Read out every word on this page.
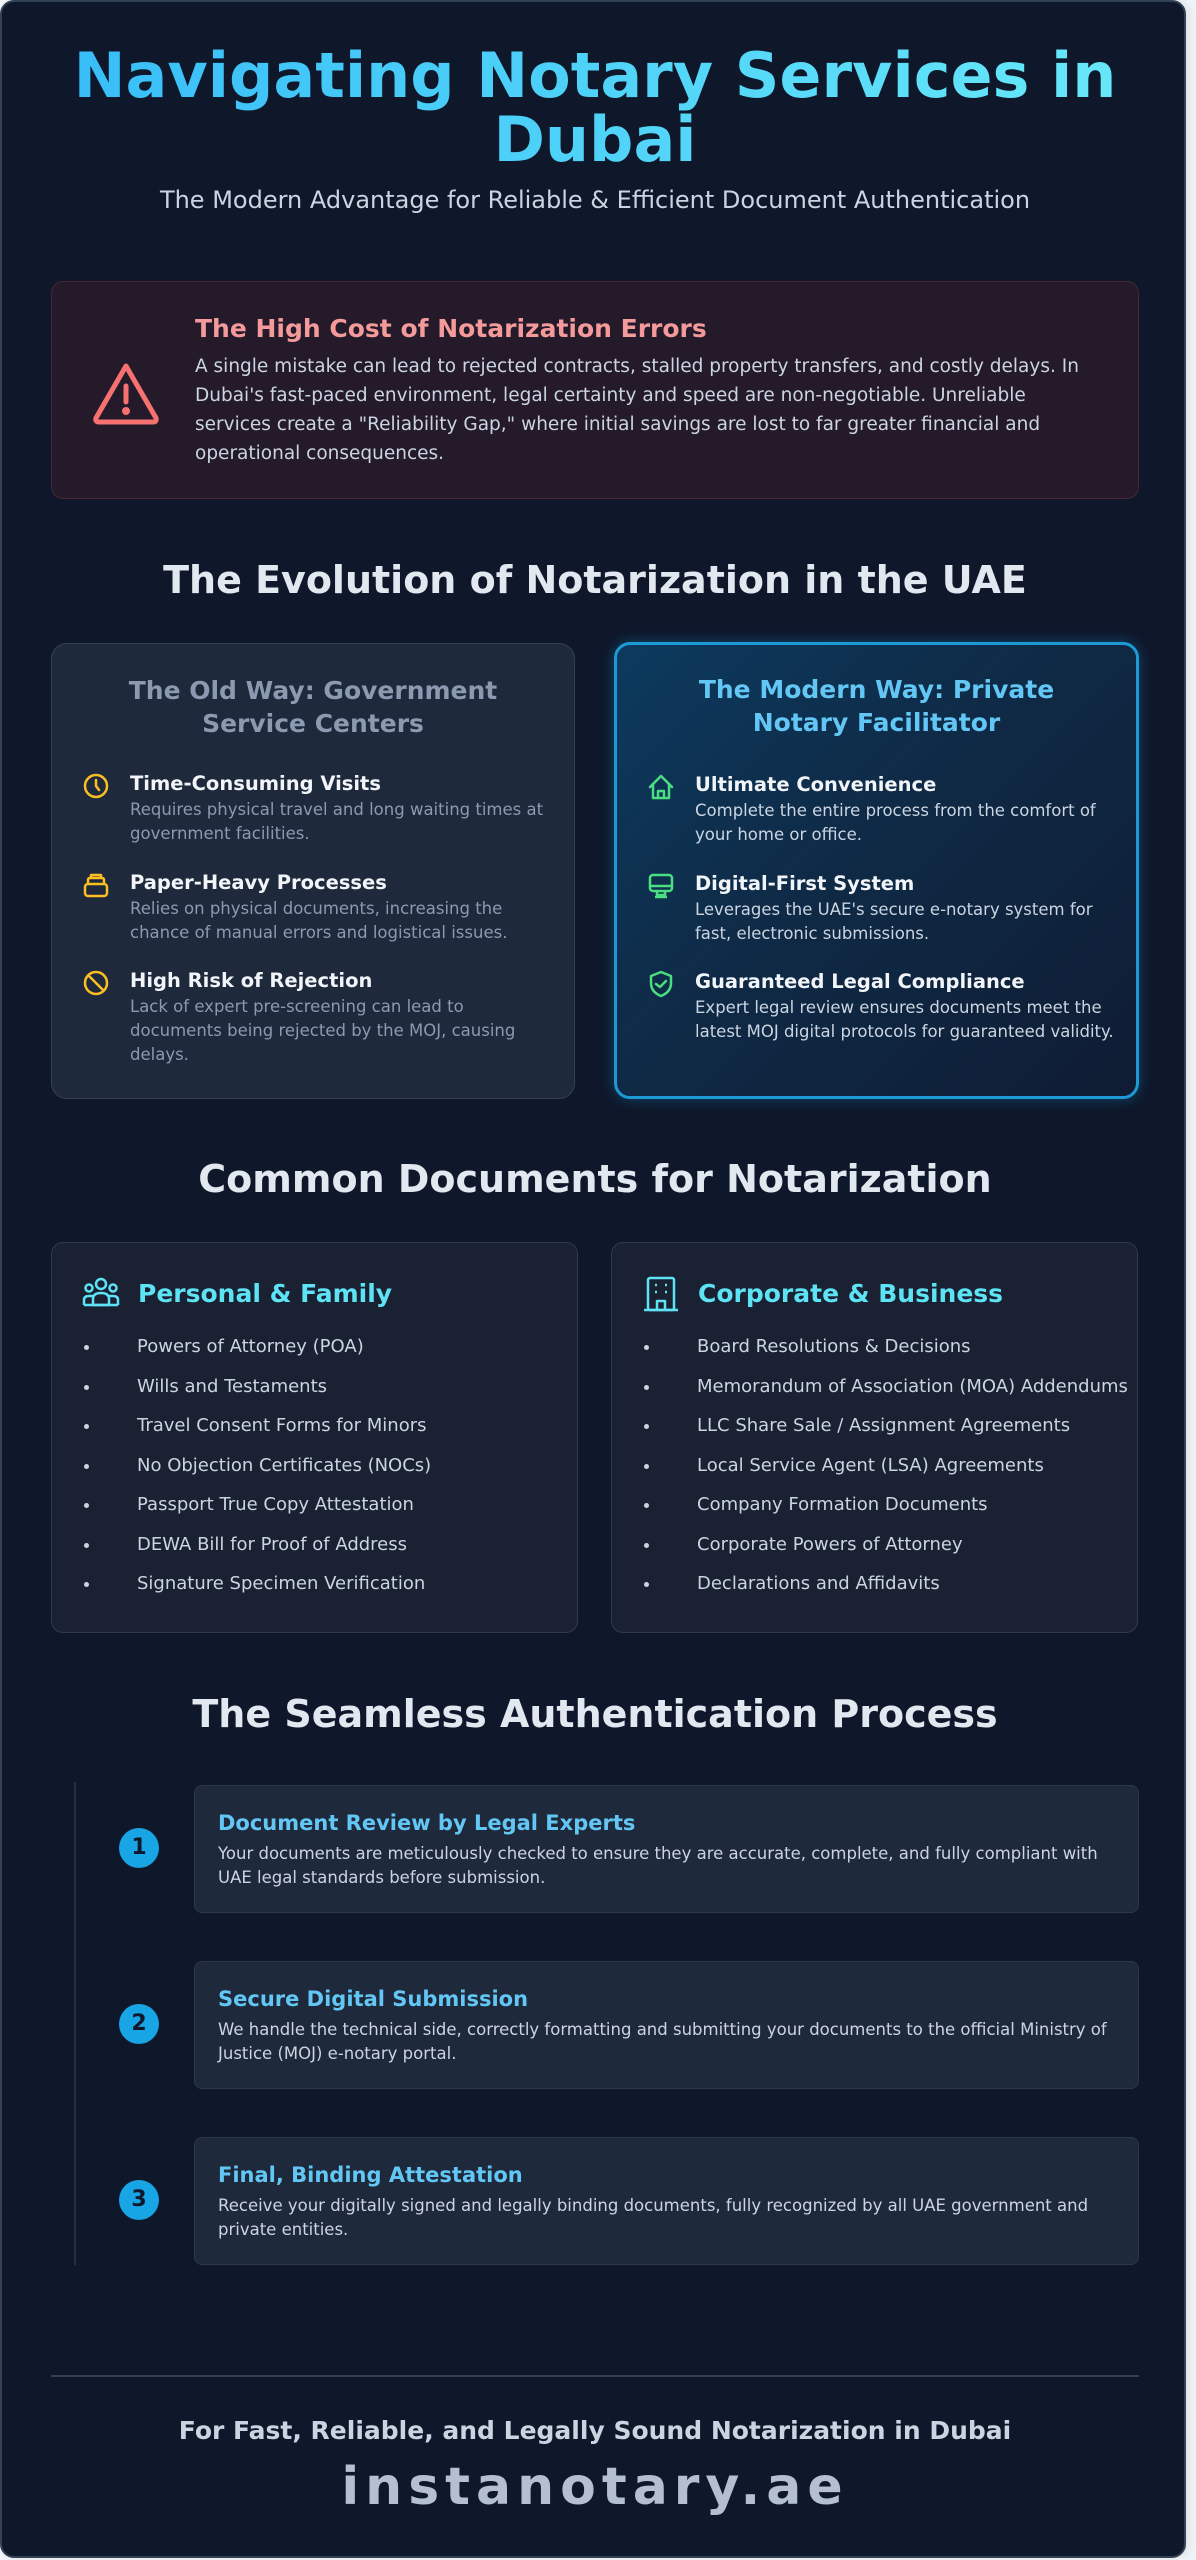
Navigating Notary Services in Dubai
The Modern Advantage for Reliable & Efficient Document Authentication
The High Cost of Notarization Errors
A single mistake can lead to rejected contracts, stalled property transfers, and costly delays. In Dubai's fast-paced environment, legal certainty and speed are non-negotiable. Unreliable services create a "Reliability Gap," where initial savings are lost to far greater financial and operational consequences.
The Evolution of Notarization in the UAE
The Old Way: Government Service Centers
Time-Consuming Visits
Requires physical travel and long waiting times at government facilities.
Paper-Heavy Processes
Relies on physical documents, increasing the chance of manual errors and logistical issues.
High Risk of Rejection
Lack of expert pre-screening can lead to documents being rejected by the MOJ, causing delays.
The Modern Way: Private Notary Facilitator
Ultimate Convenience
Complete the entire process from the comfort of your home or office.
Digital-First System
Leverages the UAE's secure e-notary system for fast, electronic submissions.
Guaranteed Legal Compliance
Expert legal review ensures documents meet the latest MOJ digital protocols for guaranteed validity.
Common Documents for Notarization
Personal & Family
Powers of Attorney (POA)
Wills and Testaments
Travel Consent Forms for Minors
No Objection Certificates (NOCs)
Passport True Copy Attestation
DEWA Bill for Proof of Address
Signature Specimen Verification
Corporate & Business
Board Resolutions & Decisions
Memorandum of Association (MOA) Addendums
LLC Share Sale / Assignment Agreements
Local Service Agent (LSA) Agreements
Company Formation Documents
Corporate Powers of Attorney
Declarations and Affidavits
The Seamless Authentication Process
1
Document Review by Legal Experts
Your documents are meticulously checked to ensure they are accurate, complete, and fully compliant with UAE legal standards before submission.
2
Secure Digital Submission
We handle the technical side, correctly formatting and submitting your documents to the official Ministry of Justice (MOJ) e-notary portal.
3
Final, Binding Attestation
Receive your digitally signed and legally binding documents, fully recognized by all UAE government and private entities.
For Fast, Reliable, and Legally Sound Notarization in Dubai
instanotary.ae
